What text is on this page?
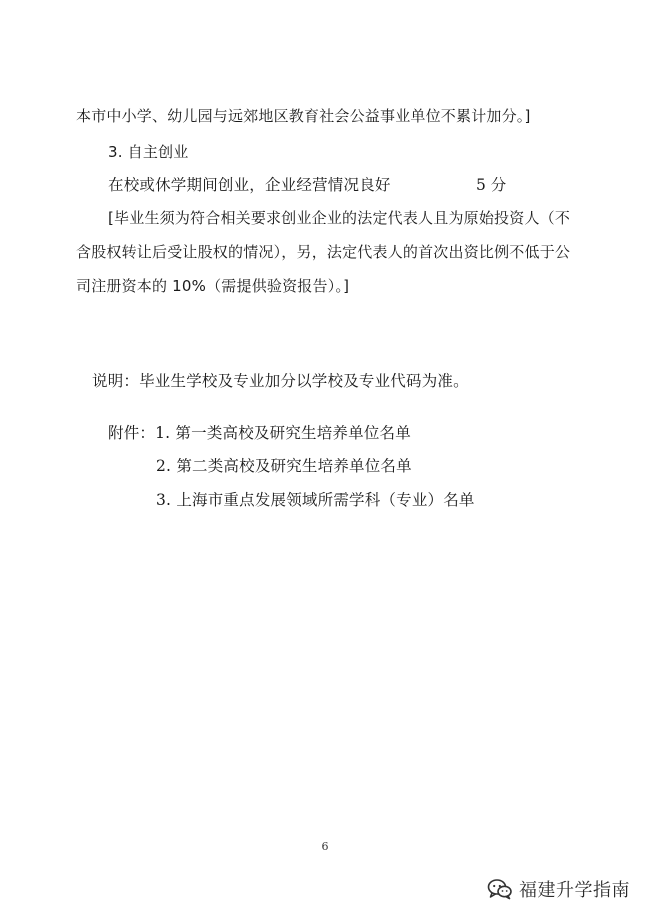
本市中小学、幼儿园与远郊地区教育社会公益事业单位不累计加分。]
3. 自主创业
在校或休学期间创业，企业经营情况良好	5 分
[毕业生须为符合相关要求创业企业的法定代表人且为原始投资人（不
含股权转让后受让股权的情况），另，法定代表人的首次出资比例不低于公
司注册资本的 10%（需提供验资报告）。]
说明：毕业生学校及专业加分以学校及专业代码为准。
附件：1. 第一类高校及研究生培养单位名单
2. 第二类高校及研究生培养单位名单
3. 上海市重点发展领域所需学科（专业）名单
6
福建升学指南
